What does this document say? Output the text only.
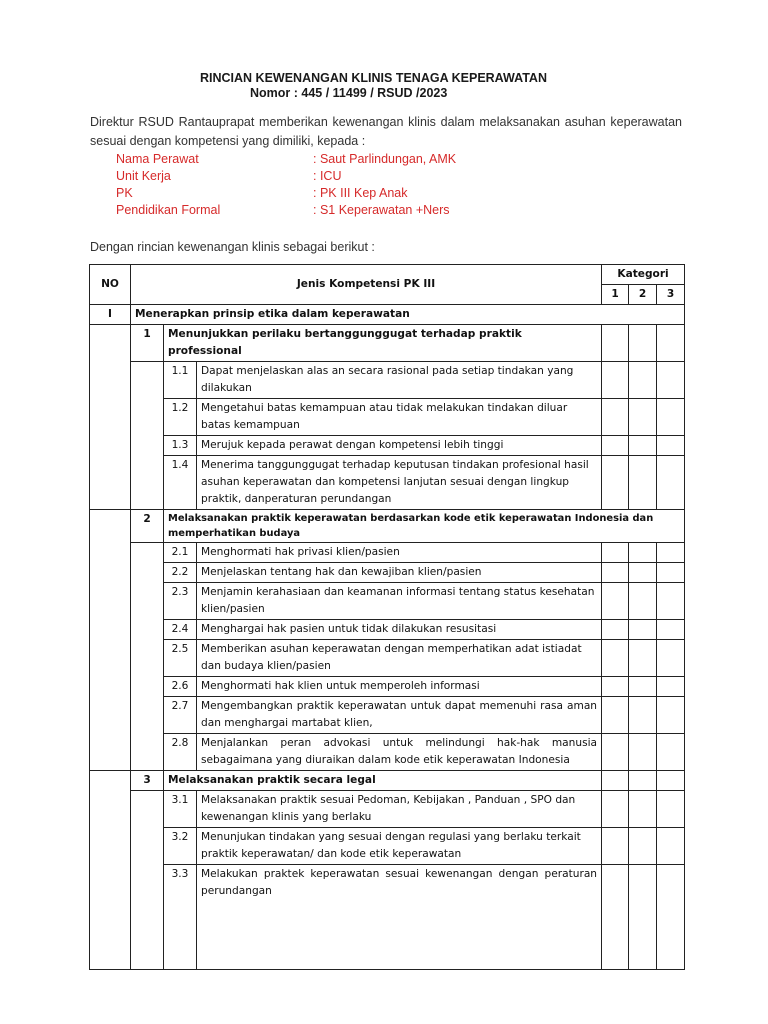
RINCIAN KEWENANGAN KLINIS TENAGA KEPERAWATAN
Nomor : 445 / 11499 / RSUD /2023
Direktur RSUD Rantauprapat memberikan kewenangan klinis dalam melaksanakan asuhan keperawatan sesuai dengan kompetensi yang dimiliki, kepada :
Nama Perawat	: Saut Parlindungan, AMK
Unit Kerja	: ICU
PK	: PK III Kep Anak
Pendidikan Formal	: S1 Keperawatan +Ners
Dengan rincian kewenangan klinis sebagai berikut :
NO	Jenis Kompetensi PK III			Kategori		
				1	2	3
I	Menerapkan prinsip etika dalam keperawatan					
	1	Menunjukkan perilaku bertanggunggugat terhadap praktik professional				
		1.1	Dapat menjelaskan alas an secara rasional pada setiap tindakan yang dilakukan			
		1.2	Mengetahui batas kemampuan atau tidak melakukan tindakan diluar batas kemampuan			
		1.3	Merujuk kepada perawat dengan kompetensi lebih tinggi			
		1.4	Menerima tanggunggugat terhadap keputusan tindakan profesional hasil asuhan keperawatan dan kompetensi lanjutan sesuai dengan lingkup praktik, danperaturan perundangan			
	2	Melaksanakan praktik keperawatan berdasarkan kode etik keperawatan Indonesia dan memperhatikan budaya				
		2.1	Menghormati hak privasi klien/pasien			
		2.2	Menjelaskan tentang hak dan kewajiban klien/pasien			
		2.3	Menjamin kerahasiaan dan keamanan informasi tentang status kesehatan klien/pasien			
		2.4	Menghargai hak pasien untuk tidak dilakukan resusitasi			
		2.5	Memberikan asuhan keperawatan dengan memperhatikan adat istiadat dan budaya klien/pasien			
		2.6	Menghormati hak klien untuk memperoleh informasi			
		2.7	Mengembangkan praktik keperawatan untuk dapat memenuhi rasa aman dan menghargai martabat klien,			
		2.8	Menjalankan peran advokasi untuk melindungi hak-hak manusia sebagaimana yang diuraikan dalam kode etik keperawatan Indonesia			
	3	Melaksanakan praktik secara legal				
		3.1	Melaksanakan praktik sesuai Pedoman, Kebijakan , Panduan , SPO dan kewenangan klinis yang berlaku			
		3.2	Menunjukan tindakan yang sesuai dengan regulasi yang berlaku terkait praktik keperawatan/ dan kode etik keperawatan			
		3.3	Melakukan praktek keperawatan sesuai kewenangan dengan peraturan perundangan			
